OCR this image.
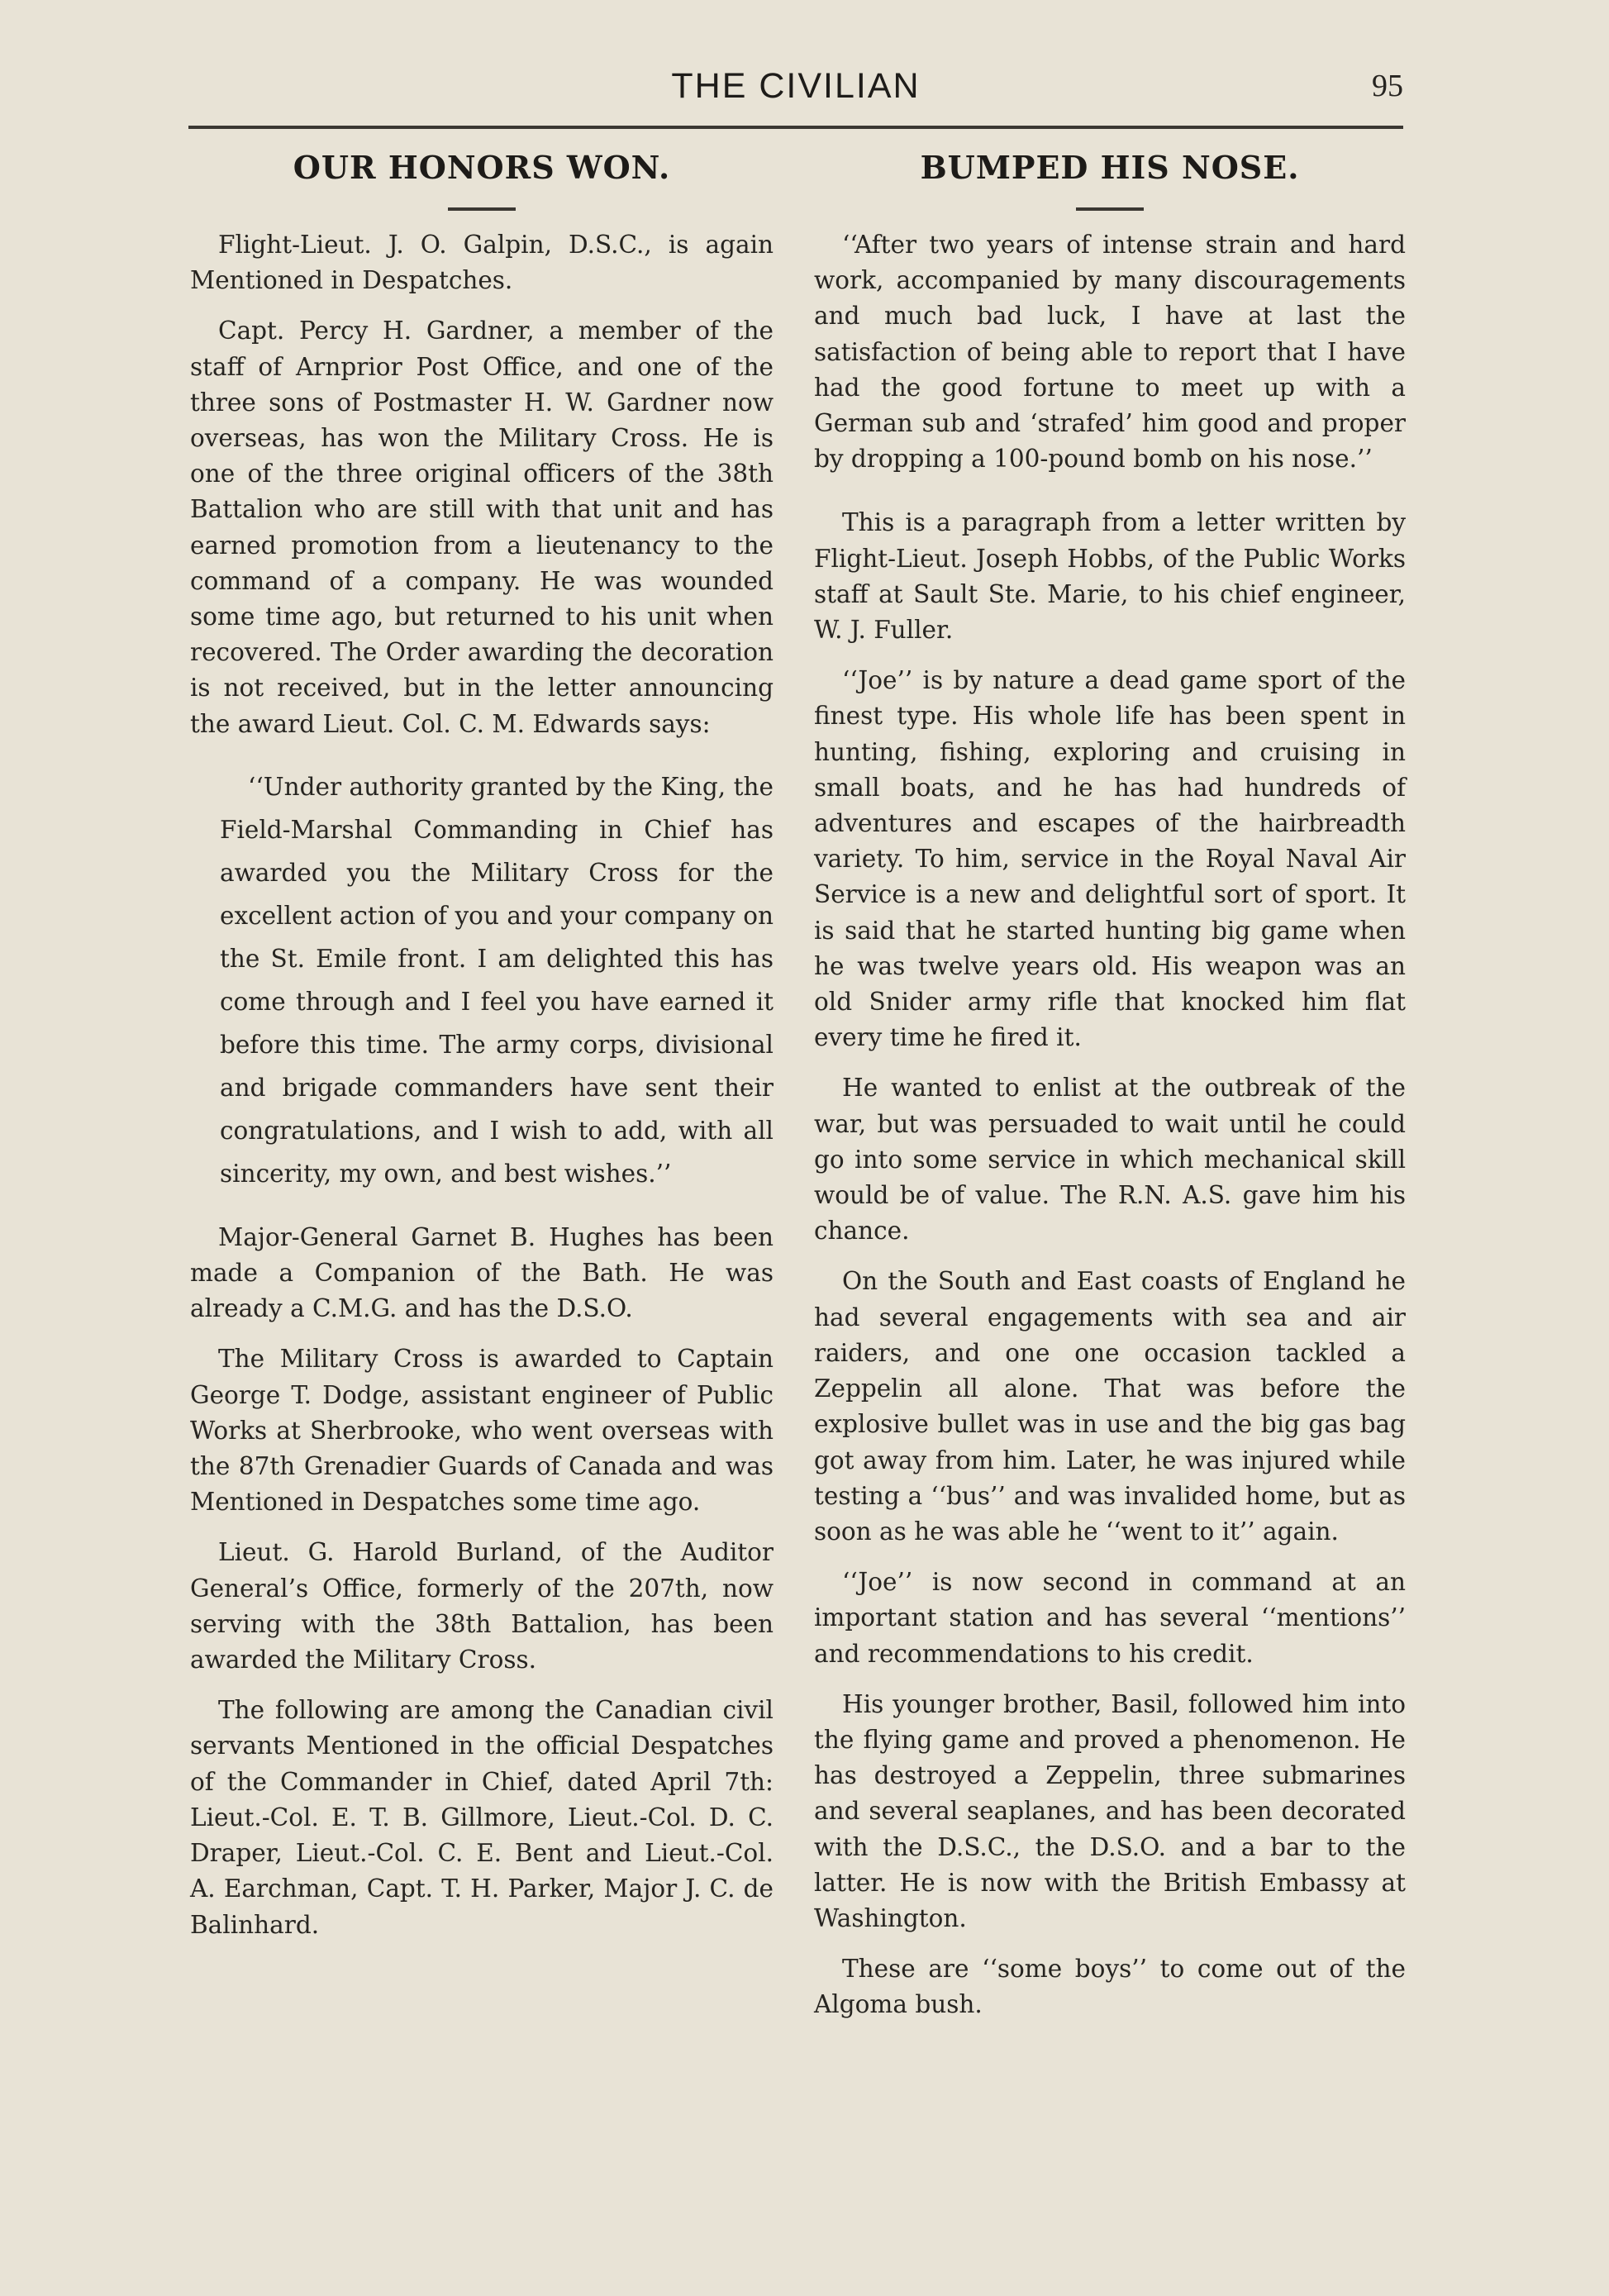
THE CIVILIAN	95
OUR HONORS WON.

Flight-Lieut. J. O. Galpin, D.S.C., is again Mentioned in Despatches.

Capt. Percy H. Gardner, a member of the staff of Arnprior Post Office, and one of the three sons of Postmaster H. W. Gardner now overseas, has won the Military Cross. He is one of the three original officers of the 38th Battalion who are still with that unit and has earned promotion from a lieutenancy to the command of a company. He was wounded some time ago, but returned to his unit when recovered. The Order awarding the decoration is not received, but in the letter announcing the award Lieut. Col. C. M. Edwards says:

‘‘Under authority granted by the King, the Field-Marshal Commanding in Chief has awarded you the Military Cross for the excellent action of you and your company on the St. Emile front. I am delighted this has come through and I feel you have earned it before this time. The army corps, divisional and brigade commanders have sent their congratulations, and I wish to add, with all sincerity, my own, and best wishes.’’

Major-General Garnet B. Hughes has been made a Companion of the Bath. He was already a C.M.G. and has the D.S.O.

The Military Cross is awarded to Captain George T. Dodge, assistant engineer of Public Works at Sherbrooke, who went overseas with the 87th Grenadier Guards of Canada and was Mentioned in Despatches some time ago.

Lieut. G. Harold Burland, of the Auditor General’s Office, formerly of the 207th, now serving with the 38th Battalion, has been awarded the Military Cross.

The following are among the Canadian civil servants Mentioned in the official Despatches of the Commander in Chief, dated April 7th: Lieut.-Col. E. T. B. Gillmore, Lieut.-Col. D. C. Draper, Lieut.-Col. C. E. Bent and Lieut.-Col. A. Earchman, Capt. T. H. Parker, Major J. C. de Balinhard.

BUMPED HIS NOSE.

‘‘After two years of intense strain and hard work, accompanied by many discouragements and much bad luck, I have at last the satisfaction of being able to report that I have had the good fortune to meet up with a German sub and ‘strafed’ him good and proper by dropping a 100-pound bomb on his nose.’’

This is a paragraph from a letter written by Flight-Lieut. Joseph Hobbs, of the Public Works staff at Sault Ste. Marie, to his chief engineer, W. J. Fuller.

‘‘Joe’’ is by nature a dead game sport of the finest type. His whole life has been spent in hunting, fishing, exploring and cruising in small boats, and he has had hundreds of adventures and escapes of the hairbreadth variety. To him, service in the Royal Naval Air Service is a new and delightful sort of sport. It is said that he started hunting big game when he was twelve years old. His weapon was an old Snider army rifle that knocked him flat every time he fired it.

He wanted to enlist at the outbreak of the war, but was persuaded to wait until he could go into some service in which mechanical skill would be of value. The R.N. A.S. gave him his chance.

On the South and East coasts of England he had several engagements with sea and air raiders, and one one occasion tackled a Zeppelin all alone. That was before the explosive bullet was in use and the big gas bag got away from him. Later, he was injured while testing a ‘‘bus’’ and was invalided home, but as soon as he was able he ‘‘went to it’’ again.

‘‘Joe’’ is now second in command at an important station and has several ‘‘mentions’’ and recommendations to his credit.

His younger brother, Basil, followed him into the flying game and proved a phenomenon. He has destroyed a Zeppelin, three submarines and several seaplanes, and has been decorated with the D.S.C., the D.S.O. and a bar to the latter. He is now with the British Embassy at Washington.

These are ‘‘some boys’’ to come out of the Algoma bush.
